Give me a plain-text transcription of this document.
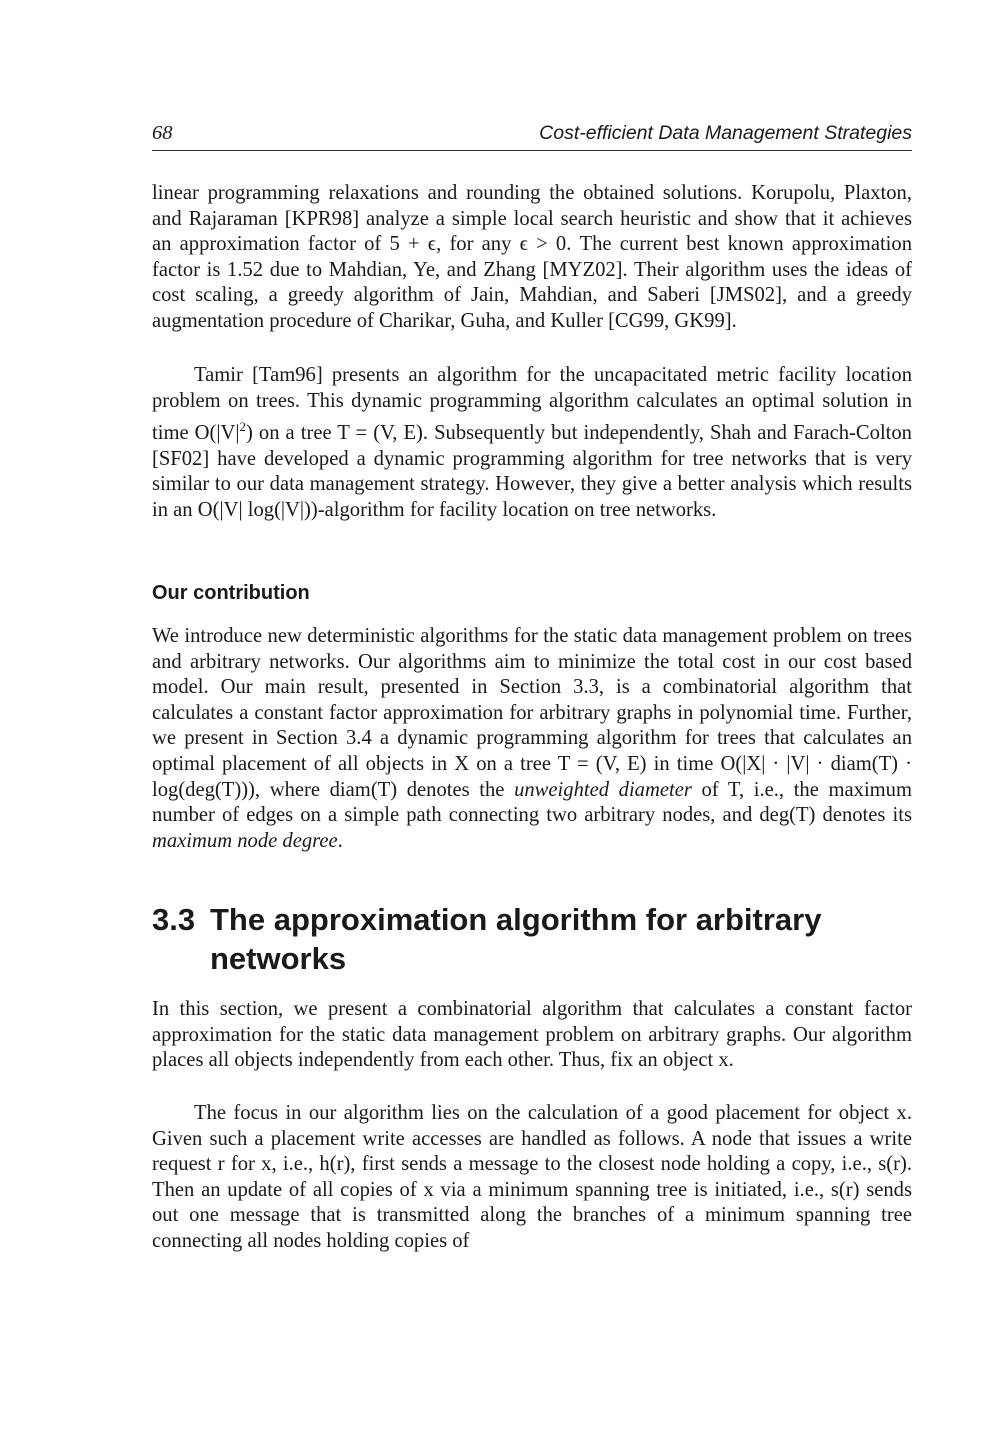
68	Cost-efficient Data Management Strategies

linear programming relaxations and rounding the obtained solutions. Korupolu, Plaxton, and Rajaraman [KPR98] analyze a simple local search heuristic and show that it achieves an approximation factor of 5 + ϵ, for any ϵ > 0. The current best known approximation factor is 1.52 due to Mahdian, Ye, and Zhang [MYZ02]. Their algorithm uses the ideas of cost scaling, a greedy algorithm of Jain, Mahdian, and Saberi [JMS02], and a greedy augmentation procedure of Charikar, Guha, and Kuller [CG99, GK99].

Tamir [Tam96] presents an algorithm for the uncapacitated metric facility location problem on trees. This dynamic programming algorithm calculates an optimal solution in time $O(|V|^2)$ on a tree T = (V, E). Subsequently but independently, Shah and Farach-Colton [SF02] have developed a dynamic programming algorithm for tree networks that is very similar to our data management strategy. However, they give a better analysis which results in an O(|V| log(|V|))-algorithm for facility location on tree networks.

Our contribution

We introduce new deterministic algorithms for the static data management problem on trees and arbitrary networks. Our algorithms aim to minimize the total cost in our cost based model. Our main result, presented in Section 3.3, is a combinatorial algorithm that calculates a constant factor approximation for arbitrary graphs in polynomial time. Further, we present in Section 3.4 a dynamic programming algorithm for trees that calculates an optimal placement of all objects in X on a tree T = (V, E) in time O(|X| · |V| · diam(T) · log(deg(T))), where diam(T) denotes the unweighted diameter of T, i.e., the maximum number of edges on a simple path connecting two arbitrary nodes, and deg(T) denotes its maximum node degree.

3.3 The approximation algorithm for arbitrary
networks

In this section, we present a combinatorial algorithm that calculates a constant factor approximation for the static data management problem on arbitrary graphs. Our algorithm places all objects independently from each other. Thus, fix an object x.

The focus in our algorithm lies on the calculation of a good placement for object x. Given such a placement write accesses are handled as follows. A node that issues a write request r for x, i.e., h(r), first sends a message to the closest node holding a copy, i.e., s(r). Then an update of all copies of x via a minimum spanning tree is initiated, i.e., s(r) sends out one message that is transmitted along the branches of a minimum spanning tree connecting all nodes holding copies of
